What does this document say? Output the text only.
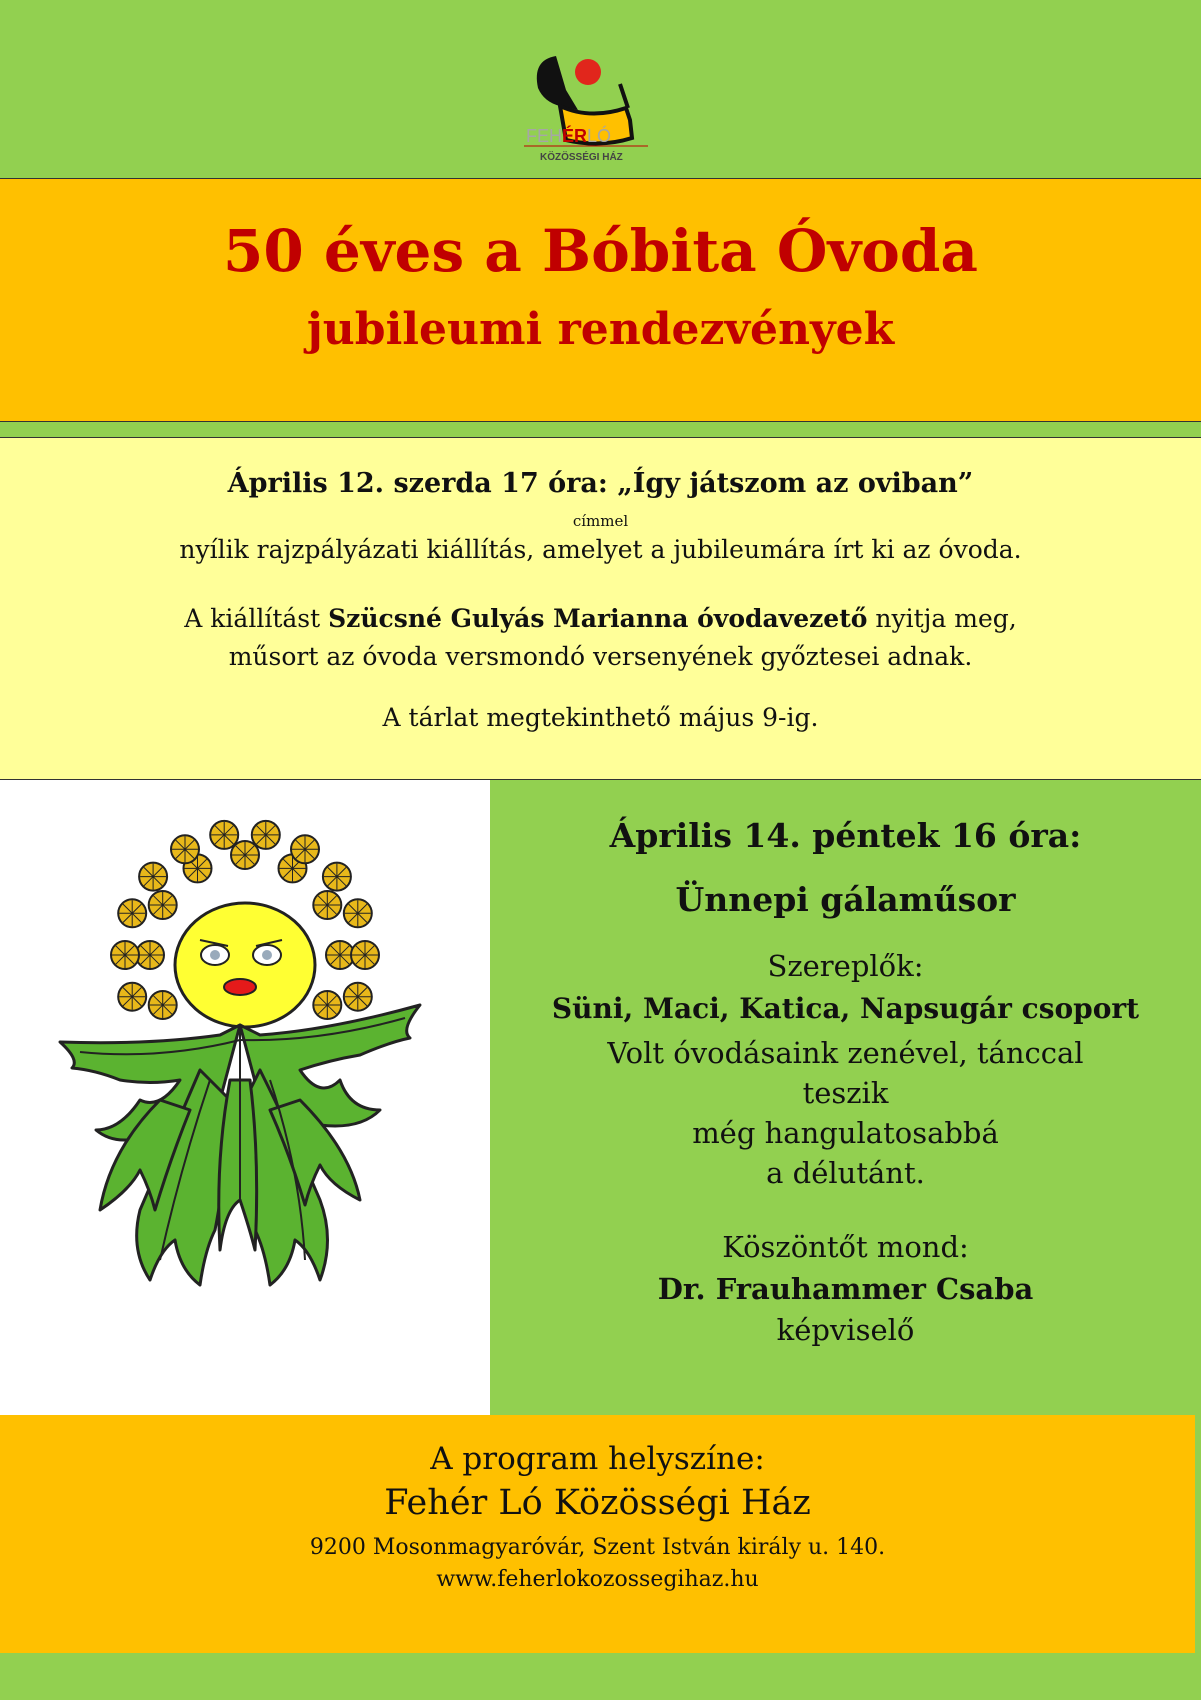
FEHÉRLÓ
KÖZÖSSÉGI HÁZ
50 éves a Bóbita Óvoda
jubileumi rendezvények

Április 12. szerda 17 óra: „Így játszom az oviban”

címmel

nyílik rajzpályázati kiállítás, amelyet a jubileumára írt ki az óvoda.

A kiállítást Szücsné Gulyás Marianna óvodavezető nyitja meg,

műsort az óvoda versmondó versenyének győztesei adnak.

A tárlat megtekinthető május 9-ig.

Április 14. péntek 16 óra:

Ünnepi gálaműsor

Szereplők:

Süni, Maci, Katica, Napsugár csoport

Volt óvodásaink zenével, tánccal

teszik

még hangulatosabbá

a délutánt.

Köszöntőt mond:

Dr. Frauhammer Csaba

képviselő

A program helyszíne:

Fehér Ló Közösségi Ház

9200 Mosonmagyaróvár, Szent István király u. 140.

www.feherlokozossegihaz.hu
